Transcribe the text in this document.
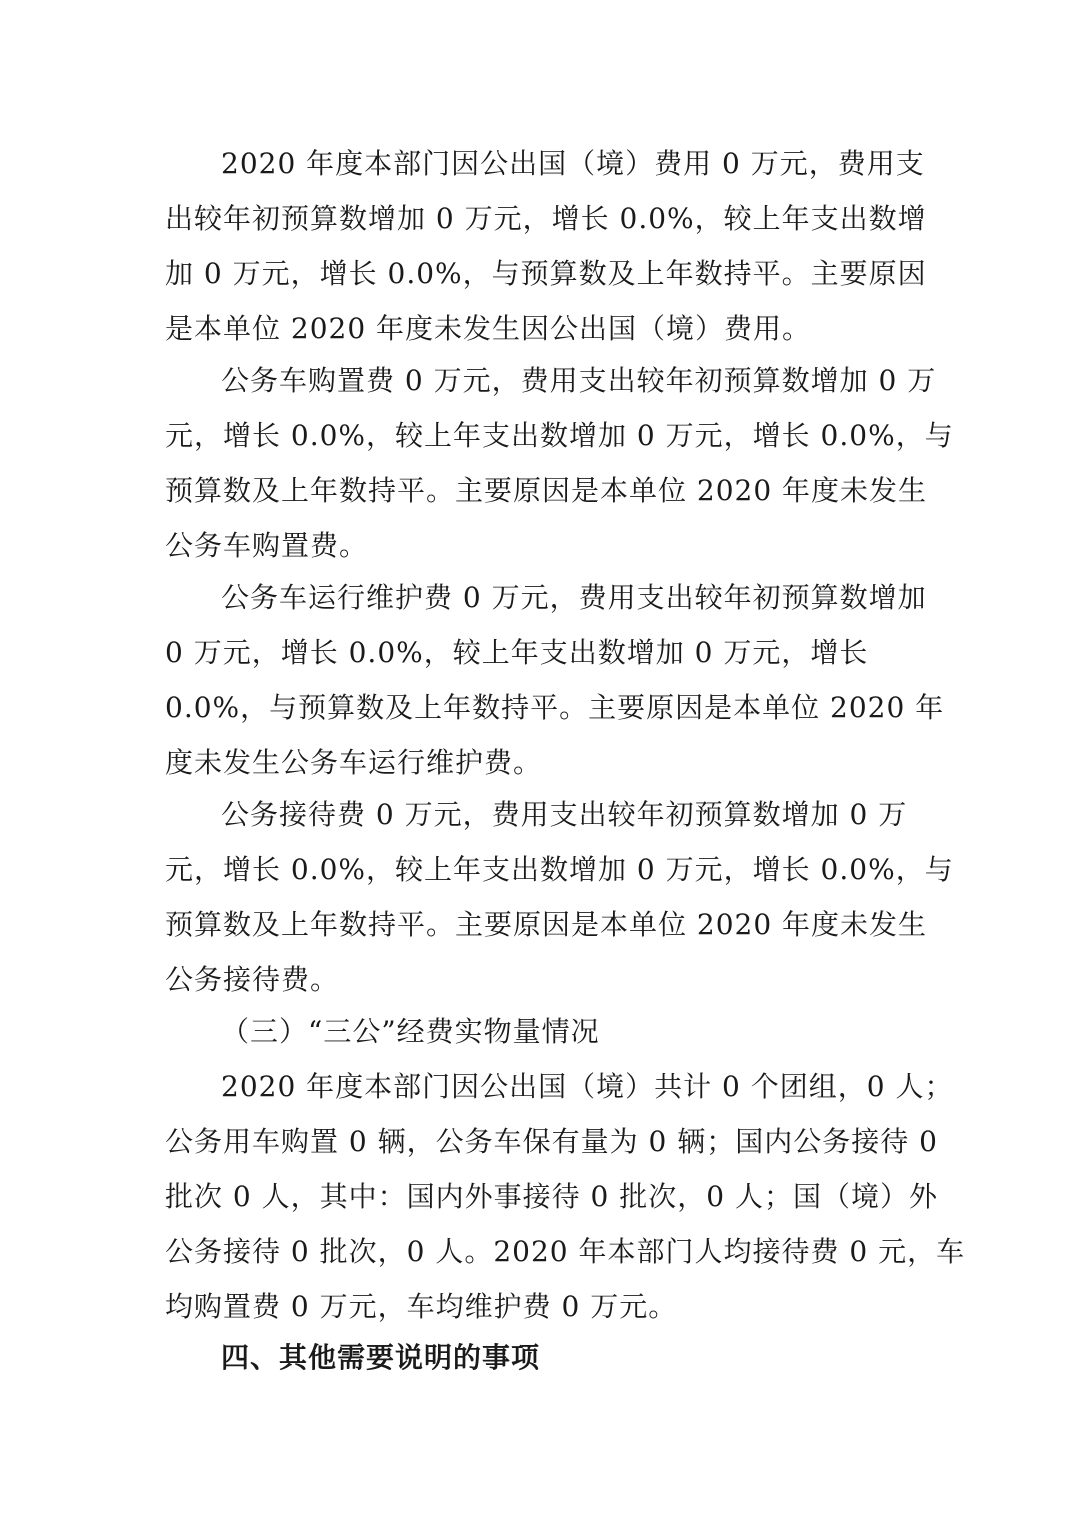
2020 年度本部门因公出国（境）费用 0 万元，费用支
出较年初预算数增加 0 万元，增长 0.0%，较上年支出数增
加 0 万元，增长 0.0%，与预算数及上年数持平。主要原因
是本单位 2020 年度未发生因公出国（境）费用。
公务车购置费 0 万元，费用支出较年初预算数增加 0 万
元，增长 0.0%，较上年支出数增加 0 万元，增长 0.0%，与
预算数及上年数持平。主要原因是本单位 2020 年度未发生
公务车购置费。
公务车运行维护费 0 万元，费用支出较年初预算数增加
0 万元，增长 0.0%，较上年支出数增加 0 万元，增长
0.0%，与预算数及上年数持平。主要原因是本单位 2020 年
度未发生公务车运行维护费。
公务接待费 0 万元，费用支出较年初预算数增加 0 万
元，增长 0.0%，较上年支出数增加 0 万元，增长 0.0%，与
预算数及上年数持平。主要原因是本单位 2020 年度未发生
公务接待费。
（三）“三公”经费实物量情况
2020 年度本部门因公出国（境）共计 0 个团组，0 人；
公务用车购置 0 辆，公务车保有量为 0 辆；国内公务接待 0
批次 0 人，其中：国内外事接待 0 批次，0 人；国（境）外
公务接待 0 批次，0 人。2020 年本部门人均接待费 0 元，车
均购置费 0 万元，车均维护费 0 万元。
四、其他需要说明的事项
